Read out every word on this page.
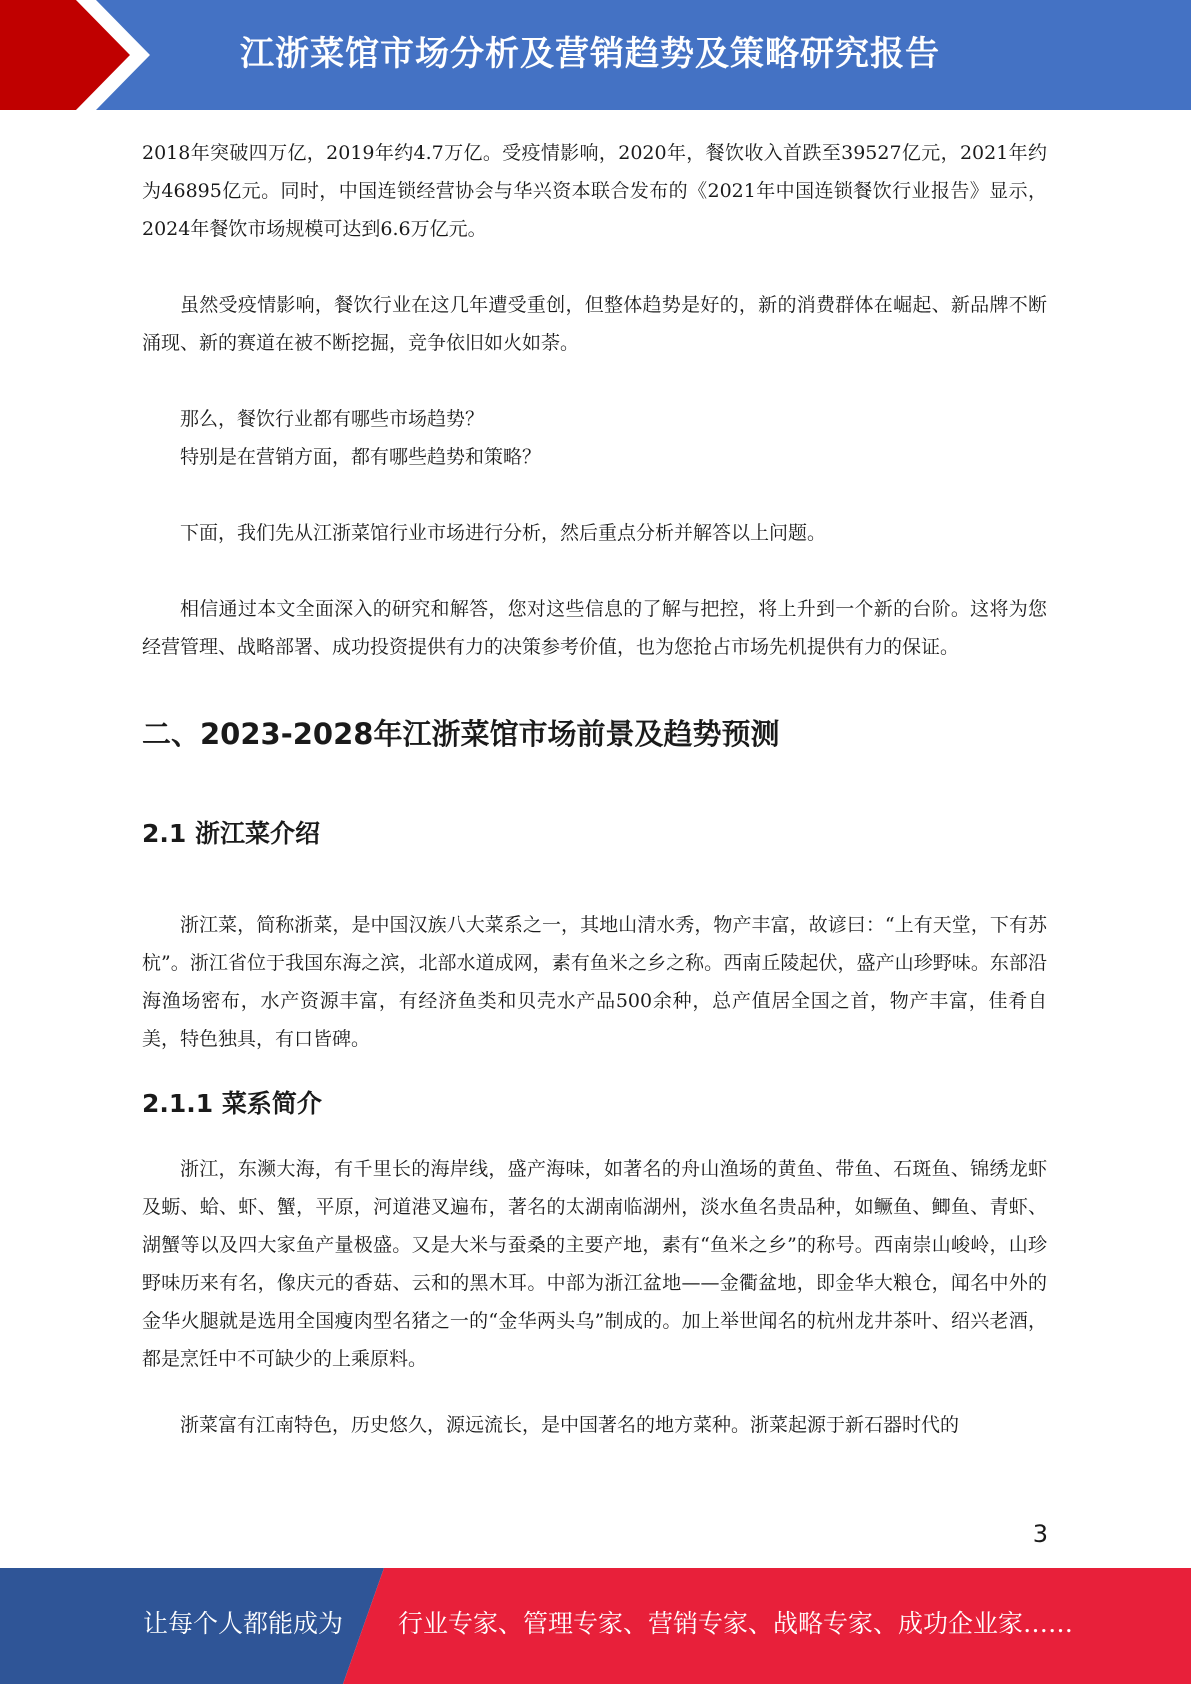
江浙菜馆市场分析及营销趋势及策略研究报告

2018年突破四万亿，2019年约4.7万亿。受疫情影响，2020年，餐饮收入首跌至39527亿元，2021年约为46895亿元。同时，中国连锁经营协会与华兴资本联合发布的《2021年中国连锁餐饮行业报告》显示，2024年餐饮市场规模可达到6.6万亿元。

虽然受疫情影响，餐饮行业在这几年遭受重创，但整体趋势是好的，新的消费群体在崛起、新品牌不断涌现、新的赛道在被不断挖掘，竞争依旧如火如荼。

那么，餐饮行业都有哪些市场趋势？

特别是在营销方面，都有哪些趋势和策略？

下面，我们先从江浙菜馆行业市场进行分析，然后重点分析并解答以上问题。

相信通过本文全面深入的研究和解答，您对这些信息的了解与把控，将上升到一个新的台阶。这将为您经营管理、战略部署、成功投资提供有力的决策参考价值，也为您抢占市场先机提供有力的保证。

二、2023-2028年江浙菜馆市场前景及趋势预测
2.1 浙江菜介绍

浙江菜，简称浙菜，是中国汉族八大菜系之一，其地山清水秀，物产丰富，故谚曰：“上有天堂，下有苏杭”。浙江省位于我国东海之滨，北部水道成网，素有鱼米之乡之称。西南丘陵起伏，盛产山珍野味。东部沿海渔场密布，水产资源丰富，有经济鱼类和贝壳水产品500余种，总产值居全国之首，物产丰富，佳肴自美，特色独具，有口皆碑。

2.1.1 菜系简介

浙江，东濒大海，有千里长的海岸线，盛产海味，如著名的舟山渔场的黄鱼、带鱼、石斑鱼、锦绣龙虾及蛎、蛤、虾、蟹，平原，河道港叉遍布，著名的太湖南临湖州，淡水鱼名贵品种，如鳜鱼、鲫鱼、青虾、湖蟹等以及四大家鱼产量极盛。又是大米与蚕桑的主要产地，素有“鱼米之乡”的称号。西南崇山峻岭，山珍野味历来有名，像庆元的香菇、云和的黑木耳。中部为浙江盆地——金衢盆地，即金华大粮仓，闻名中外的金华火腿就是选用全国瘦肉型名猪之一的“金华两头乌”制成的。加上举世闻名的杭州龙井茶叶、绍兴老酒，都是烹饪中不可缺少的上乘原料。

浙菜富有江南特色，历史悠久，源远流长，是中国著名的地方菜种。浙菜起源于新石器时代的

3
让每个人都能成为 行业专家、管理专家、营销专家、战略专家、成功企业家……
